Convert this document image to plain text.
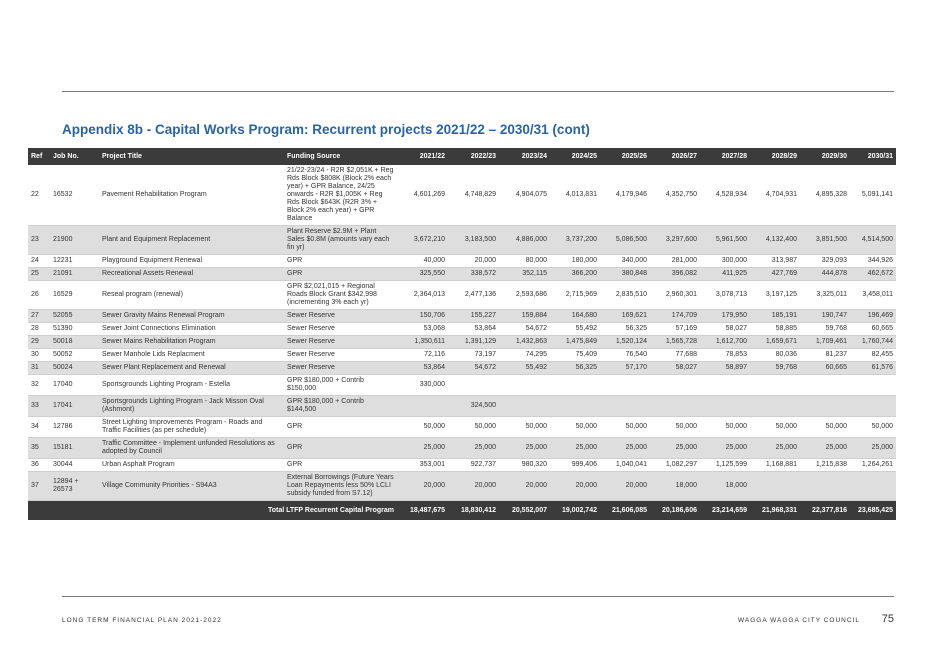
Appendix 8b - Capital Works Program: Recurrent projects 2021/22 – 2030/31 (cont)
Ref	Job No.	Project Title	Funding Source	2021/22	2022/23	2023/24	2024/25	2025/26	2026/27	2027/28	2028/29	2029/30	2030/31
22	16532	Pavement Rehabilitation Program	21/22-23/24 - R2R $2,051K + Reg Rds Block $808K (Block 2% each year) + GPR Balance, 24/25 onwards - R2R $1,005K + Reg Rds Block $643K (R2R 3% + Block 2% each year) + GPR Balance	4,601,269	4,748,829	4,904,075	4,013,831	4,179,946	4,352,750	4,528,934	4,704,931	4,895,328	5,091,141
23	21900	Plant and Equipment Replacement	Plant Reserve $2.9M + Plant Sales $0.8M (amounts vary each fin yr)	3,672,210	3,183,500	4,886,000	3,737,200	5,086,500	3,297,600	5,961,500	4,132,400	3,851,500	4,514,500
24	12231	Playground Equipment Renewal	GPR	40,000	20,000	80,000	180,000	340,000	281,000	300,000	313,987	329,093	344,926
25	21091	Recreational Assets Renewal	GPR	325,550	338,572	352,115	366,200	380,848	396,082	411,925	427,769	444,878	462,672
26	16529	Reseal program (renewal)	GPR $2,021,015 + Regional Roads Block Grant $342,998 (incrementing 3% each yr)	2,364,013	2,477,136	2,593,686	2,715,969	2,835,510	2,960,301	3,078,713	3,197,125	3,325,011	3,458,011
27	52055	Sewer Gravity Mains Renewal Program	Sewer Reserve	150,706	155,227	159,884	164,680	169,621	174,709	179,950	185,191	190,747	196,469
28	51390	Sewer Joint Connections Elimination	Sewer Reserve	53,068	53,864	54,672	55,492	56,325	57,169	58,027	58,885	59,768	60,665
29	50018	Sewer Mains Rehabilitation Program	Sewer Reserve	1,350,611	1,391,129	1,432,863	1,475,849	1,520,124	1,565,728	1,612,700	1,659,671	1,709,461	1,760,744
30	50052	Sewer Manhole Lids Replacment	Sewer Reserve	72,116	73,197	74,295	75,409	76,540	77,688	78,853	80,036	81,237	82,455
31	50024	Sewer Plant Replacement and Renewal	Sewer Reserve	53,864	54,672	55,492	56,325	57,170	58,027	58,897	59,768	60,665	61,576
32	17040	Sportsgrounds Lighting Program - Estella	GPR $180,000 + Contrib $150,000	330,000									
33	17041	Sportsgrounds Lighting Program - Jack Misson Oval (Ashmont)	GPR $180,000 + Contrib $144,500		324,500								
34	12786	Street Lighting Improvements Program - Roads and Traffic Facilities (as per schedule)	GPR	50,000	50,000	50,000	50,000	50,000	50,000	50,000	50,000	50,000	50,000
35	15181	Traffic Committee - Implement unfunded Resolutions as adopted by Council	GPR	25,000	25,000	25,000	25,000	25,000	25,000	25,000	25,000	25,000	25,000
36	30044	Urban Asphalt Program	GPR	353,001	922,737	980,320	999,406	1,040,041	1,082,297	1,125,599	1,168,881	1,215,838	1,264,261
37	12894 + 26573	Village Community Priorities - S94A3	External Borrowings (Future Years Loan Repayments less 50% LCLI subsidy funded from S7.12)	20,000	20,000	20,000	20,000	20,000	18,000	18,000			
Total LTFP Recurrent Capital Program				18,487,675	18,830,412	20,552,007	19,002,742	21,606,085	20,186,606	23,214,659	21,968,331	22,377,816	23,685,425
LONG TERM FINANCIAL PLAN 2021-2022	WAGGA WAGGA CITY COUNCIL 75
